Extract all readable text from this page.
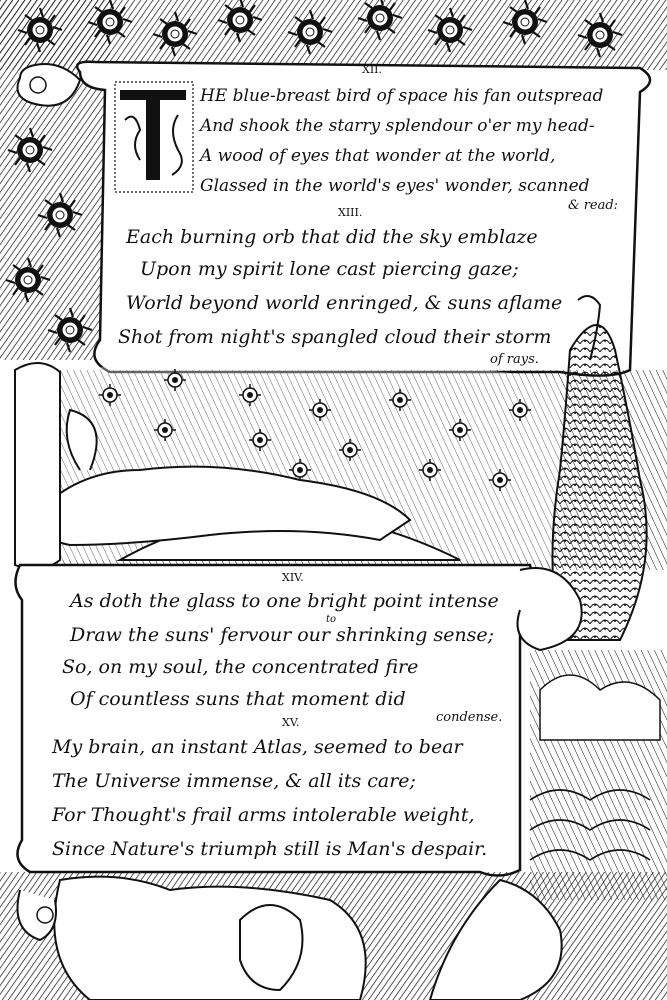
XII.
HE blue-breast bird of space his fan outspread
And shook the starry splendour o'er my head-
A wood of eyes that wonder at the world,
Glassed in the world's eyes' wonder, scanned
& read:
XIII.
Each burning orb that did the sky emblaze
Upon my spirit lone cast piercing gaze;
World beyond world enringed, & suns aflame
Shot from night's spangled cloud their storm
of rays.
XIV.
As doth the glass to one bright point intense
to
Draw the suns' fervour our shrinking sense;
So, on my soul, the concentrated fire
Of countless suns that moment did
condense.
XV.
My brain, an instant Atlas, seemed to bear
The Universe immense, & all its care;
For Thought's frail arms intolerable weight,
Since Nature's triumph still is Man's despair.
